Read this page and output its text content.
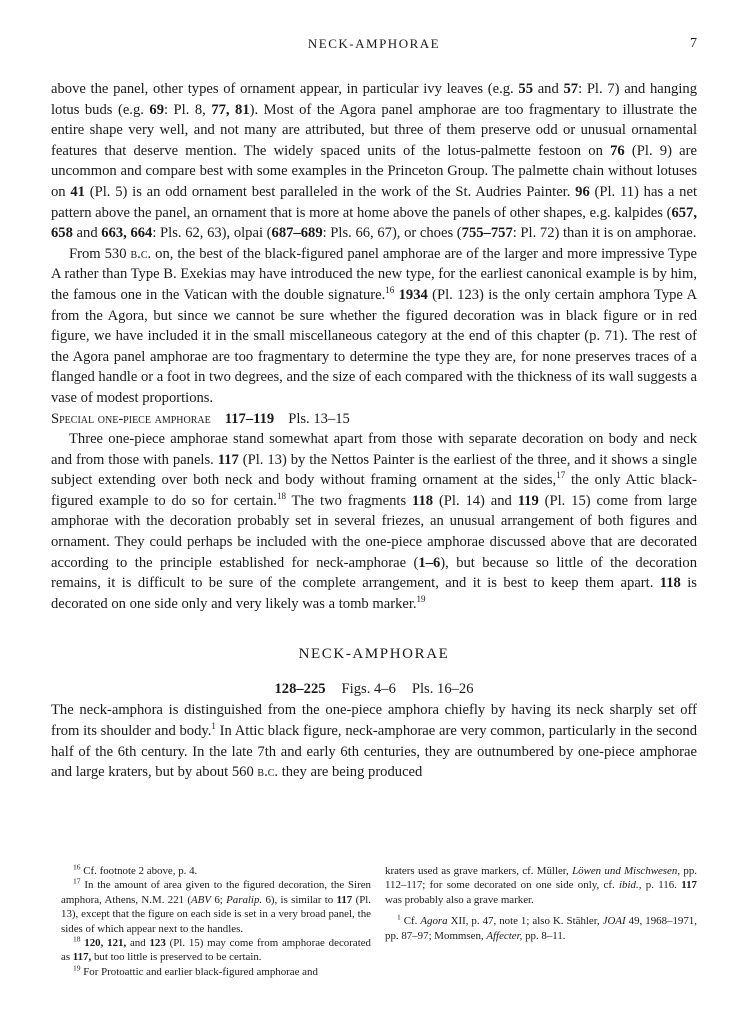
NECK-AMPHORAE	7

above the panel, other types of ornament appear, in particular ivy leaves (e.g. 55 and 57: Pl. 7) and hanging lotus buds (e.g. 69: Pl. 8, 77, 81). Most of the Agora panel amphorae are too fragmentary to illustrate the entire shape very well, and not many are attributed, but three of them preserve odd or unusual ornamental features that deserve mention. The widely spaced units of the lotus-palmette festoon on 76 (Pl. 9) are uncommon and compare best with some examples in the Princeton Group. The palmette chain without lotuses on 41 (Pl. 5) is an odd ornament best paralleled in the work of the St. Audries Painter. 96 (Pl. 11) has a net pattern above the panel, an ornament that is more at home above the panels of other shapes, e.g. kalpides (657, 658 and 663, 664: Pls. 62, 63), olpai (687–689: Pls. 66, 67), or choes (755–757: Pl. 72) than it is on amphorae.

From 530 b.c. on, the best of the black-figured panel amphorae are of the larger and more impressive Type A rather than Type B. Exekias may have introduced the new type, for the earliest canonical example is by him, the famous one in the Vatican with the double signature.$^{16}$ 1934 (Pl. 123) is the only certain amphora Type A from the Agora, but since we cannot be sure whether the figured decoration was in black figure or in red figure, we have included it in the small miscellaneous category at the end of this chapter (p. 71). The rest of the Agora panel amphorae are too fragmentary to determine the type they are, for none preserves traces of a flanged handle or a foot in two degrees, and the size of each compared with the thickness of its wall suggests a vase of modest proportions.

Special one-piece amphorae 117–119 Pls. 13–15

Three one-piece amphorae stand somewhat apart from those with separate decoration on body and neck and from those with panels. 117 (Pl. 13) by the Nettos Painter is the earliest of the three, and it shows a single subject extending over both neck and body without framing ornament at the sides,$^{17}$ the only Attic black-figured example to do so for certain.$^{18}$ The two fragments 118 (Pl. 14) and 119 (Pl. 15) come from large amphorae with the decoration probably set in several friezes, an unusual arrangement of both figures and ornament. They could perhaps be included with the one-piece amphorae discussed above that are decorated according to the principle established for neck-amphorae (1–6), but because so little of the decoration remains, it is difficult to be sure of the complete arrangement, and it is best to keep them apart. 118 is decorated on one side only and very likely was a tomb marker.$^{19}$

NECK-AMPHORAE
128–225 Figs. 4–6 Pls. 16–26

The neck-amphora is distinguished from the one-piece amphora chiefly by having its neck sharply set off from its shoulder and body.$^1$ In Attic black figure, neck-amphorae are very common, particularly in the second half of the 6th century. In the late 7th and early 6th centuries, they are outnumbered by one-piece amphorae and large kraters, but by about 560 b.c. they are being produced

$^{16}$ Cf. footnote 2 above, p. 4.

$^{17}$ In the amount of area given to the figured decoration, the Siren amphora, Athens, N.M. 221 (ABV 6; Paralip. 6), is similar to 117 (Pl. 13), except that the figure on each side is set in a very broad panel, the sides of which appear next to the handles.

$^{18}$ 120, 121, and 123 (Pl. 15) may come from amphorae decorated as 117, but too little is preserved to be certain.

$^{19}$ For Protoattic and earlier black-figured amphorae and

kraters used as grave markers, cf. Müller, Löwen und Mischwesen, pp. 112–117; for some decorated on one side only, cf. ibid., p. 116. 117 was probably also a grave marker.

$^1$ Cf. Agora XII, p. 47, note 1; also K. Stähler, JOAI 49, 1968–1971, pp. 87–97; Mommsen, Affecter, pp. 8–11.
